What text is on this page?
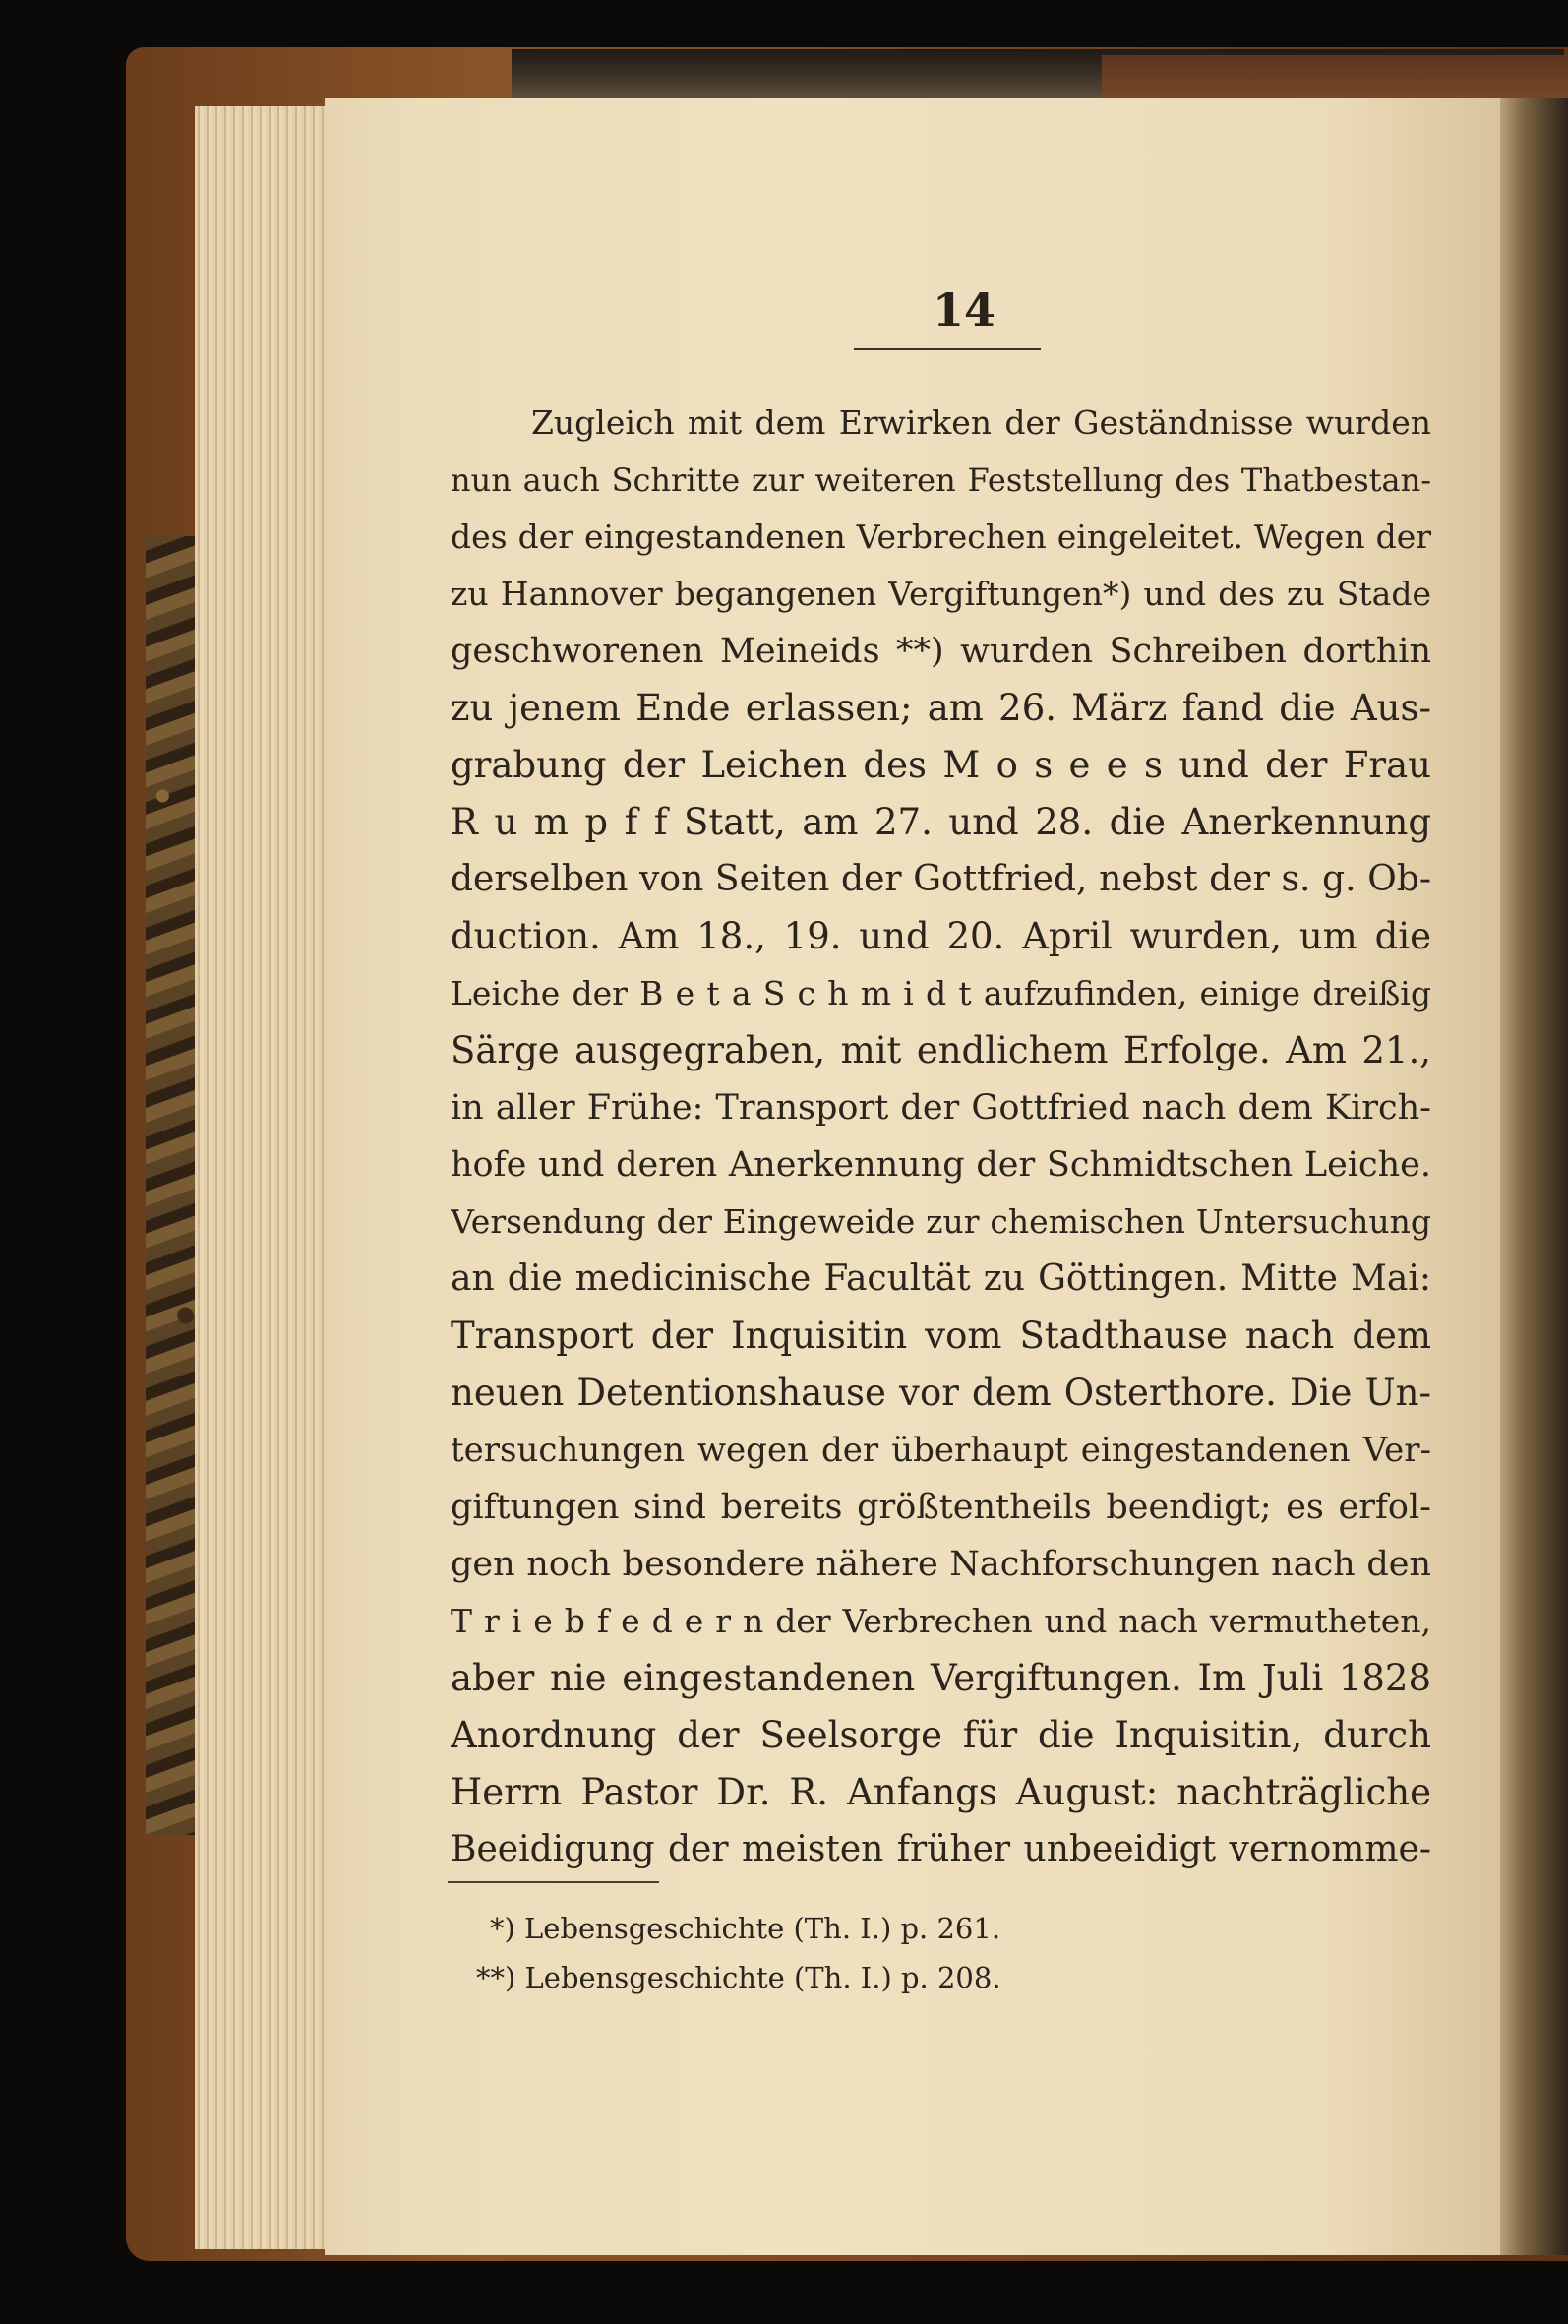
14
Zugleich mit dem Erwirken der Geständnisse wurden
nun auch Schritte zur weiteren Feststellung des Thatbestan-
des der eingestandenen Verbrechen eingeleitet. Wegen der
zu Hannover begangenen Vergiftungen*) und des zu Stade
geschworenen Meineids **) wurden Schreiben dorthin
zu jenem Ende erlassen; am 26. März fand die Aus-
grabung der Leichen des M o s e e s und der Frau
R u m p f f Statt, am 27. und 28. die Anerkennung
derselben von Seiten der Gottfried, nebst der s. g. Ob-
duction. Am 18., 19. und 20. April wurden, um die
Leiche der B e t a S c h m i d t aufzufinden, einige dreißig
Särge ausgegraben, mit endlichem Erfolge. Am 21.,
in aller Frühe: Transport der Gottfried nach dem Kirch-
hofe und deren Anerkennung der Schmidtschen Leiche.
Versendung der Eingeweide zur chemischen Untersuchung
an die medicinische Facultät zu Göttingen. Mitte Mai:
Transport der Inquisitin vom Stadthause nach dem
neuen Detentionshause vor dem Osterthore. Die Un-
tersuchungen wegen der überhaupt eingestandenen Ver-
giftungen sind bereits größtentheils beendigt; es erfol-
gen noch besondere nähere Nachforschungen nach den
T r i e b f e d e r n der Verbrechen und nach vermutheten,
aber nie eingestandenen Vergiftungen. Im Juli 1828
Anordnung der Seelsorge für die Inquisitin, durch
Herrn Pastor Dr. R. Anfangs August: nachträgliche
Beeidigung der meisten früher unbeeidigt vernomme-
*) Lebensgeschichte (Th. I.) p. 261.
**) Lebensgeschichte (Th. I.) p. 208.
